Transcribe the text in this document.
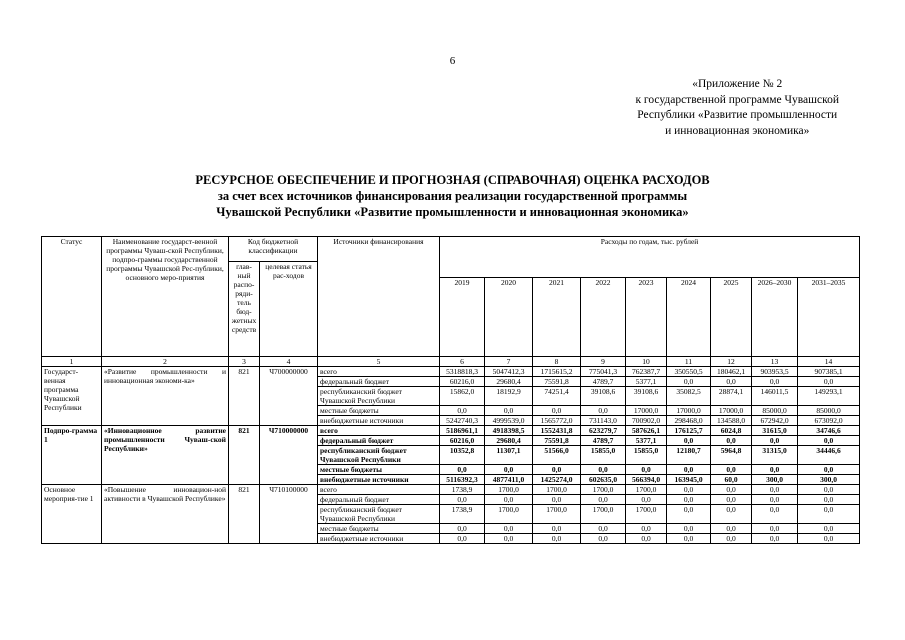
6
«Приложение № 2
к государственной программе Чувашской
Республики «Развитие промышленности
и инновационная экономика»
РЕСУРСНОЕ ОБЕСПЕЧЕНИЕ И ПРОГНОЗНАЯ (СПРАВОЧНАЯ) ОЦЕНКА РАСХОДОВ
за счет всех источников финансирования реализации государственной программы
Чувашской Республики «Развитие промышленности и инновационная экономика»
Статус	Наименование государст-венной программы Чуваш-ской Республики, подпро-граммы государственной программы Чувашской Рес-публики, основного меро-приятия	Код бюджетной классификации		Источники финансирования	Расходы по годам, тыс. рублей								
		глав-ный распо-ряди-тель бюд-жетных средств	целевая статья рас-ходов										
					2019	2020	2021	2022	2023	2024	2025	2026–2030	2031–2035
1	2	3	4	5	6	7	8	9	10	11	12	13	14
Государст-венная программа Чувашской Республики	«Развитие промышленности и инновационная экономи-ка»	821	Ч700000000	всего	5318818,3	5047412,3	1715615,2	775041,3	762387,7	350550,5	180462,1	903953,5	907385,1
				федеральный бюджет	60216,0	29680,4	75591,8	4789,7	5377,1	0,0	0,0	0,0	0,0
				республиканский бюджет Чувашской Республики	15862,0	18192,9	74251,4	39108,6	39108,6	35082,5	28874,1	146011,5	149293,1
				местные бюджеты	0,0	0,0	0,0	0,0	17000,0	17000,0	17000,0	85000,0	85000,0
				внебюджетные источники	5242740,3	4999539,0	1565772,0	731143,0	700902,0	298468,0	134588,0	672942,0	673092,0
Подпро-грамма 1	«Инновационное развитие промышленности Чуваш-ской Республики»	821	Ч710000000	всего	5186961,1	4918398,5	1552431,8	623279,7	587626,1	176125,7	6024,8	31615,0	34746,6
				федеральный бюджет	60216,0	29680,4	75591,8	4789,7	5377,1	0,0	0,0	0,0	0,0
				республиканский бюджет Чувашской Республики	10352,8	11307,1	51566,0	15855,0	15855,0	12180,7	5964,8	31315,0	34446,6
				местные бюджеты	0,0	0,0	0,0	0,0	0,0	0,0	0,0	0,0	0,0
				внебюджетные источники	5116392,3	4877411,0	1425274,0	602635,0	566394,0	163945,0	60,0	300,0	300,0
Основное мероприя-тие 1	«Повышение инновацион-ной активности в Чувашской Республике»	821	Ч710100000	всего	1738,9	1700,0	1700,0	1700,0	1700,0	0,0	0,0	0,0	0,0
				федеральный бюджет	0,0	0,0	0,0	0,0	0,0	0,0	0,0	0,0	0,0
				республиканский бюджет Чувашской Республики	1738,9	1700,0	1700,0	1700,0	1700,0	0,0	0,0	0,0	0,0
				местные бюджеты	0,0	0,0	0,0	0,0	0,0	0,0	0,0	0,0	0,0
				внебюджетные источники	0,0	0,0	0,0	0,0	0,0	0,0	0,0	0,0	0,0
